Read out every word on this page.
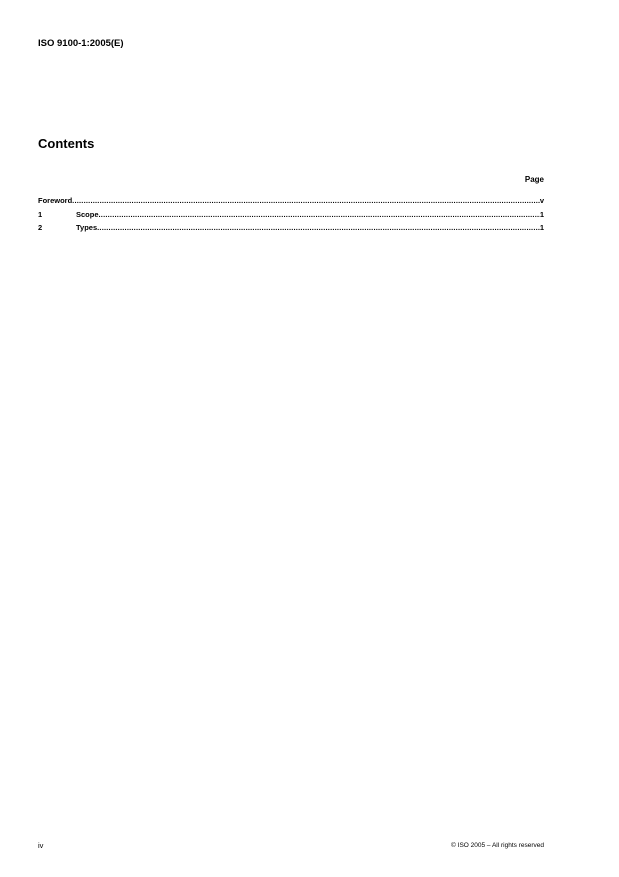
ISO 9100-1:2005(E)
Contents
Page
Foreword .....	v
1	Scope .....	1
2	Types .....	1
iv	© ISO 2005 – All rights reserved
